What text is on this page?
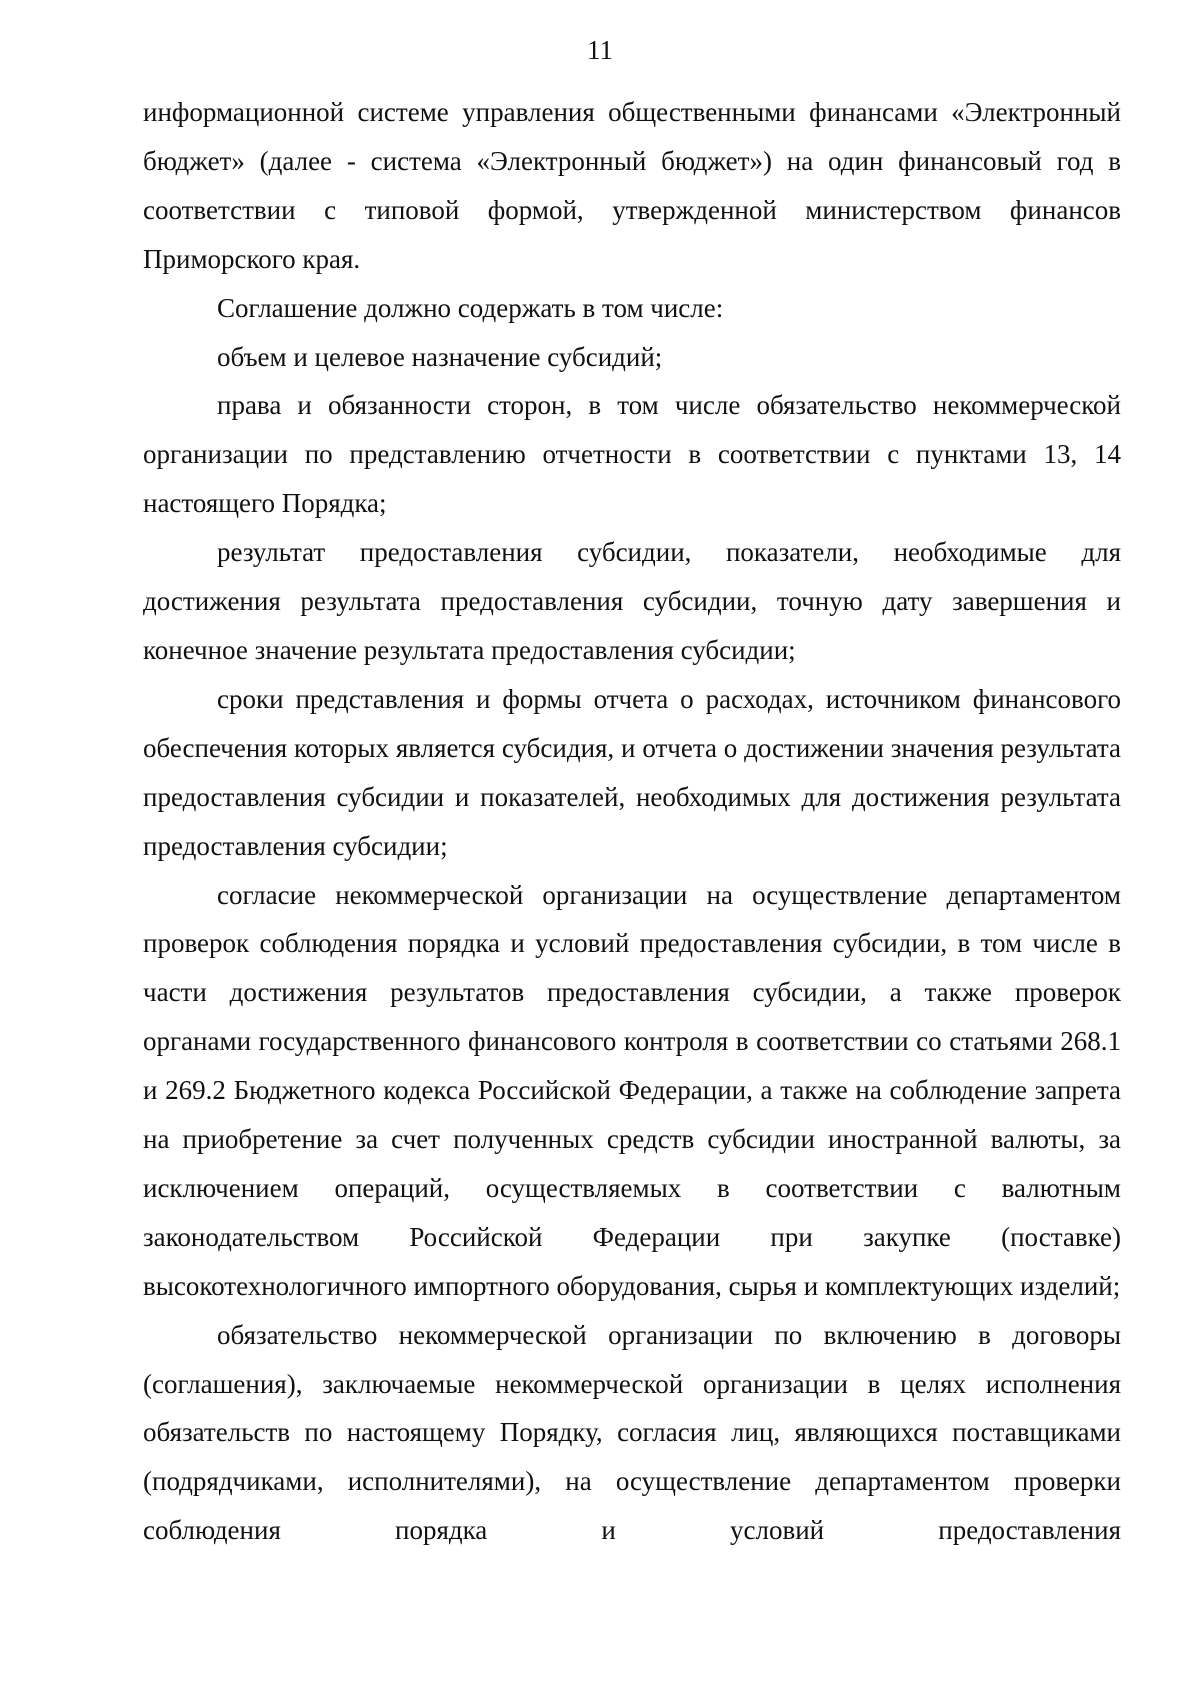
11

информационной системе управления общественными финансами «Электронный бюджет» (далее - система «Электронный бюджет») на один финансовый год в соответствии с типовой формой, утвержденной министерством финансов Приморского края.

Соглашение должно содержать в том числе:

объем и целевое назначение субсидий;

права и обязанности сторон, в том числе обязательство некоммерческой организации по представлению отчетности в соответствии с пунктами 13, 14 настоящего Порядка;

результат предоставления субсидии, показатели, необходимые для достижения результата предоставления субсидии, точную дату завершения и конечное значение результата предоставления субсидии;

сроки представления и формы отчета о расходах, источником финансового обеспечения которых является субсидия, и отчета о достижении значения результата предоставления субсидии и показателей, необходимых для достижения результата предоставления субсидии;

согласие некоммерческой организации на осуществление департаментом проверок соблюдения порядка и условий предоставления субсидии, в том числе в части достижения результатов предоставления субсидии, а также проверок органами государственного финансового контроля в соответствии со статьями 268.1 и 269.2 Бюджетного кодекса Российской Федерации, а также на соблюдение запрета на приобретение за счет полученных средств субсидии иностранной валюты, за исключением операций, осуществляемых в соответствии с валютным законодательством Российской Федерации при закупке (поставке) высокотехнологичного импортного оборудования, сырья и комплектующих изделий;

обязательство некоммерческой организации по включению в договоры (соглашения), заключаемые некоммерческой организации в целях исполнения обязательств по настоящему Порядку, согласия лиц, являющихся поставщиками (подрядчиками, исполнителями), на осуществление департаментом проверки соблюдения порядка и условий предоставления
